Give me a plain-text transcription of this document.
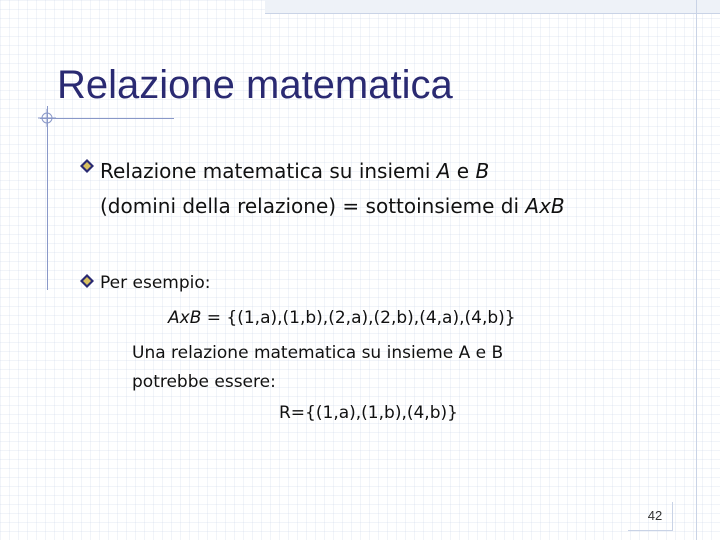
Relazione matematica
Relazione matematica su insiemi A e B
(domini della relazione) = sottoinsieme di AxB
Per esempio:
AxB = {(1,a),(1,b),(2,a),(2,b),(4,a),(4,b)}
Una relazione matematica su insieme A e B
potrebbe essere:
R={(1,a),(1,b),(4,b)}
42
